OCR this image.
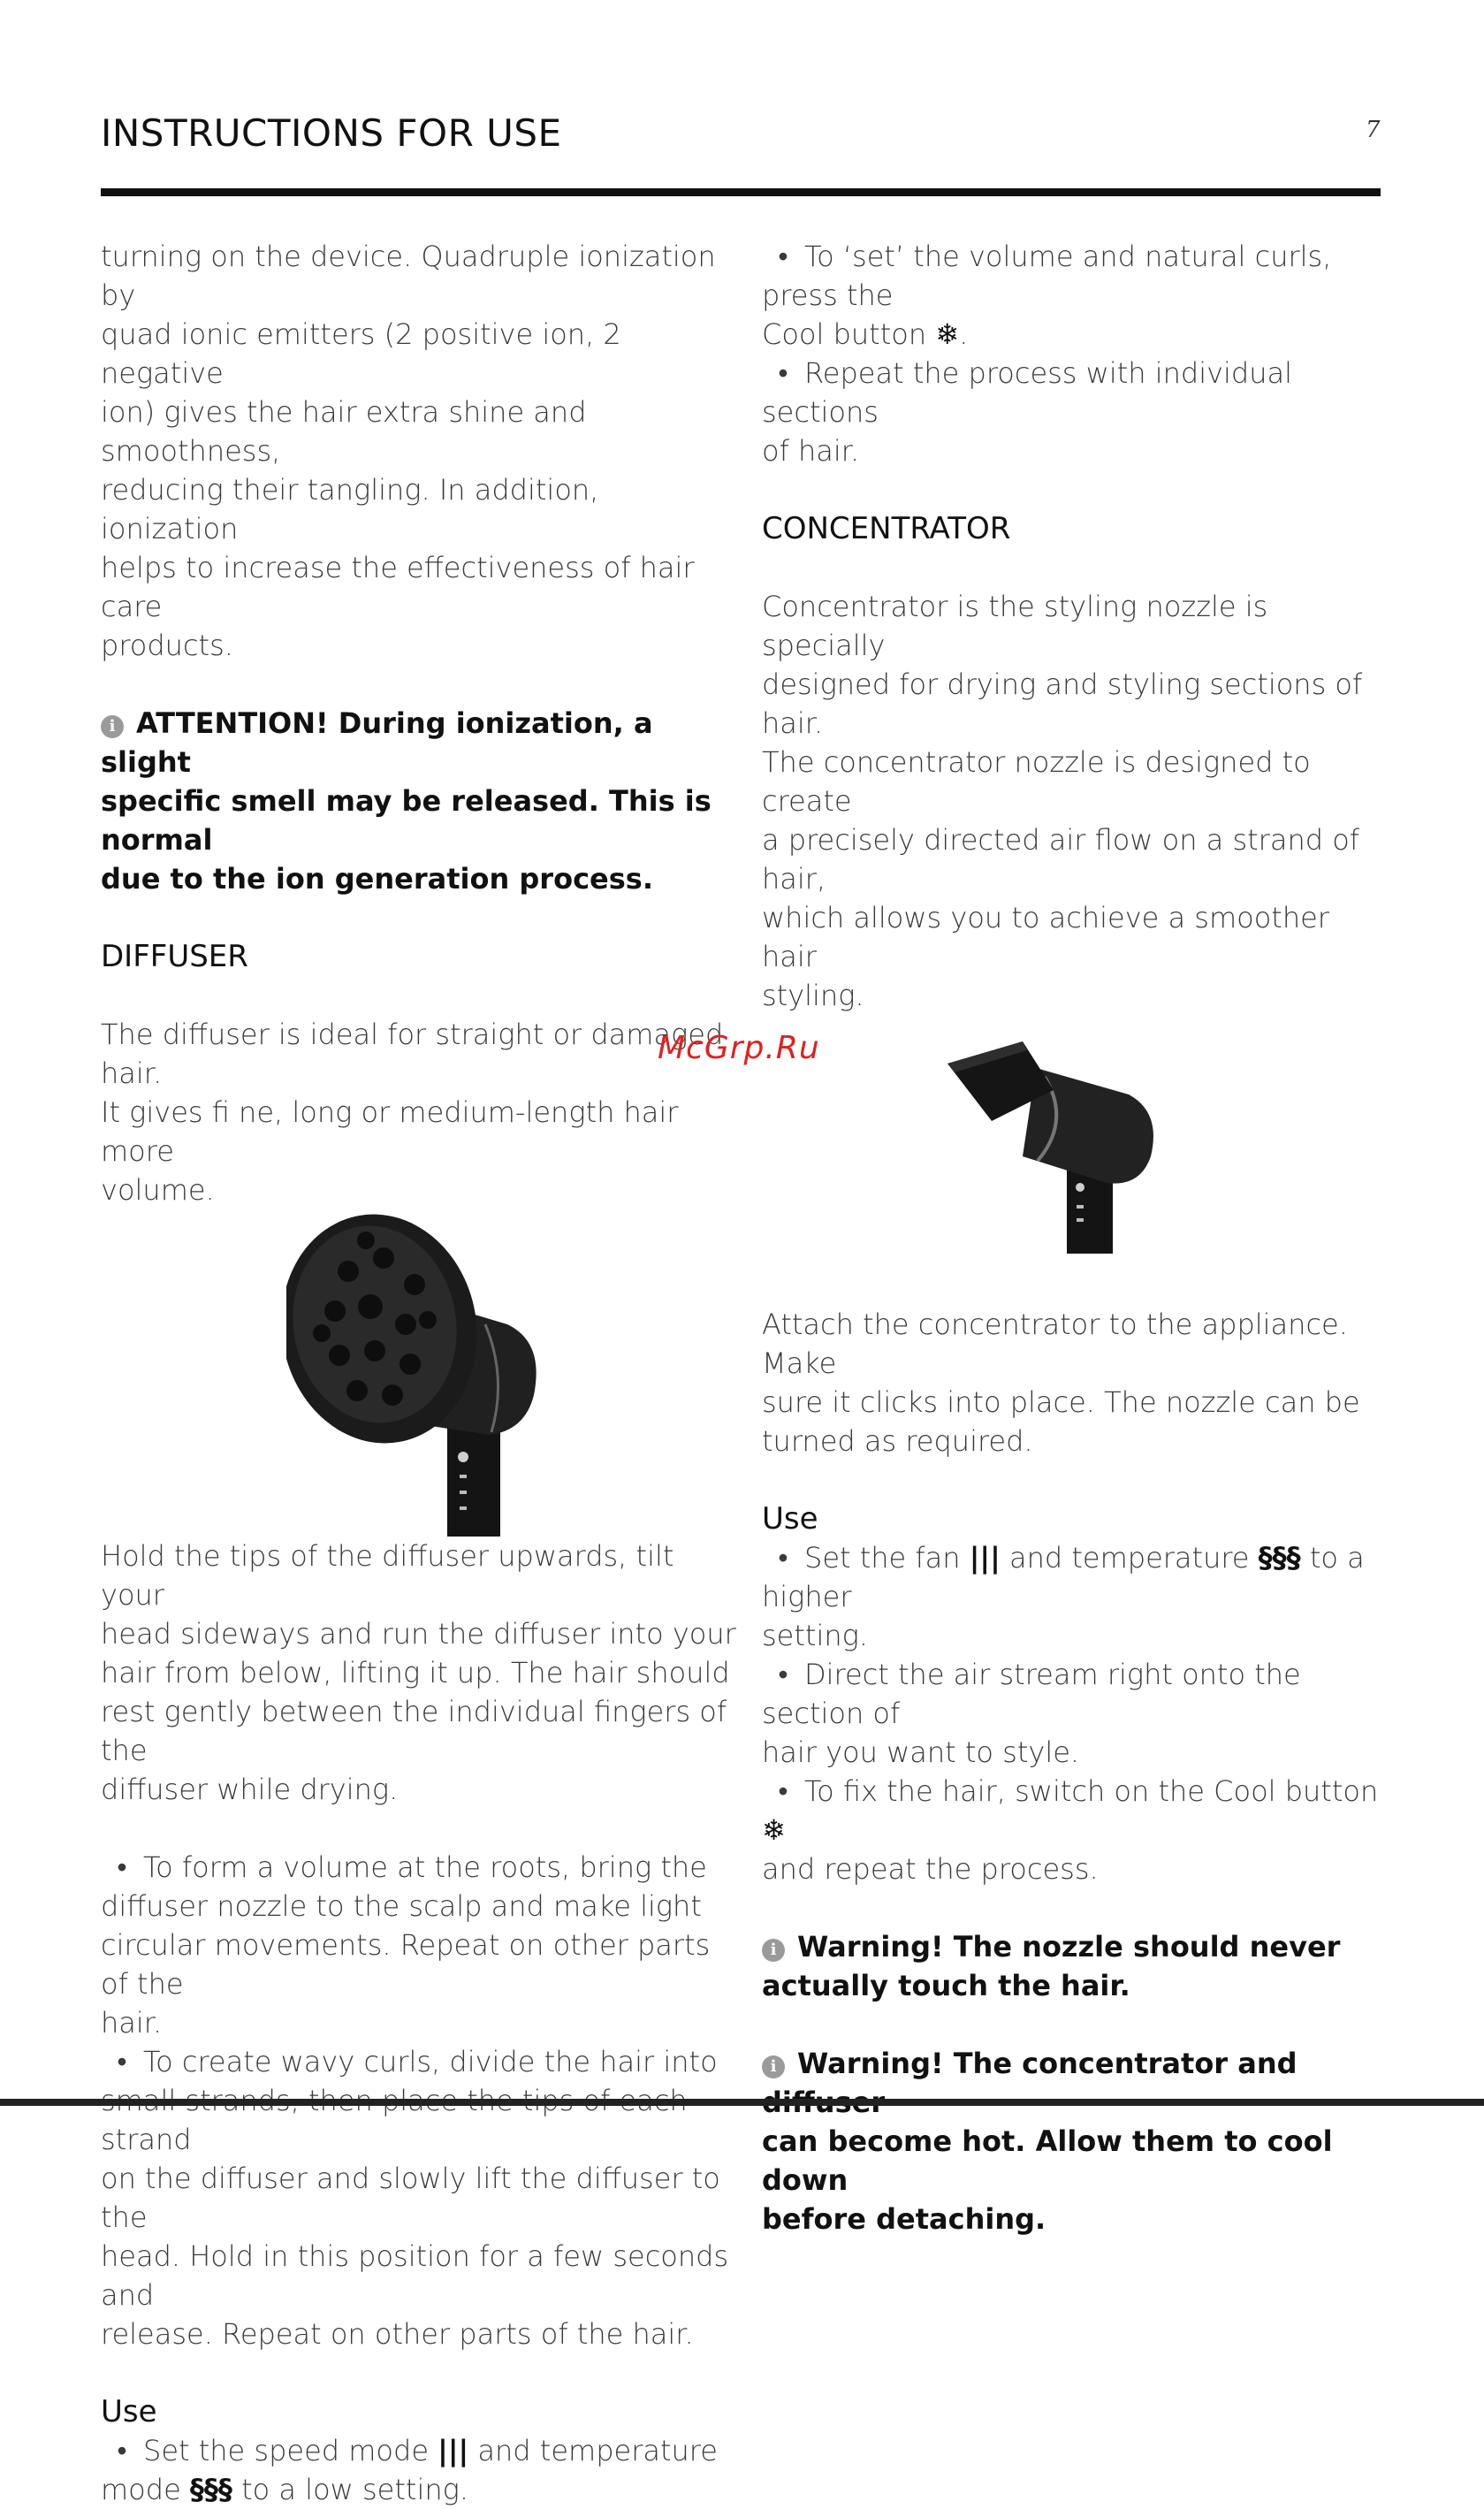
INSTRUCTIONS FOR USE	7

turning on the device. Quadruple ionization by

quad ionic emitters (2 positive ion, 2 negative

ion) gives the hair extra shine and smoothness,

reducing their tangling. In addition, ionization

helps to increase the effectiveness of hair care

products.

i ATTENTION! During ionization, a slight

specific smell may be released. This is normal

due to the ion generation process.

DIFFUSER

The diffuser is ideal for straight or damaged hair.

It gives fi ne, long or medium-length hair more

volume.

Hold the tips of the diffuser upwards, tilt your

head sideways and run the diffuser into your

hair from below, lifting it up. The hair should

rest gently between the individual fingers of the

diffuser while drying.

• To form a volume at the roots, bring the

diffuser nozzle to the scalp and make light

circular movements. Repeat on other parts of the

hair.

• To create wavy curls, divide the hair into

strand

on the diffuser and slowly lift the diffuser to the

head. Hold in this position for a few seconds and

release. Repeat on other parts of the hair.

Use

• Set the speed mode ||| and temperature

mode §§§ to a low setting.

• To ‘set’ the volume and natural curls, press the

Cool button ❄.

• Repeat the process with individual sections

of hair.

CONCENTRATOR

Concentrator is the styling nozzle is specially

designed for drying and styling sections of hair.

The concentrator nozzle is designed to create

a precisely directed air flow on a strand of hair,

which allows you to achieve a smoother hair

styling.

Attach the concentrator to the appliance. Make

sure it clicks into place. The nozzle can be

turned as required.

Use

• Set the fan ||| and temperature §§§ to a higher

setting.

• Direct the air stream right onto the section of

hair you want to style.

• To fix the hair, switch on the Cool button ❄

and repeat the process.

i Warning! The nozzle should never

actually touch the hair.

i Warning! The concentrator and

can become hot. Allow them to cool down

before detaching.

McGrp.Ru
